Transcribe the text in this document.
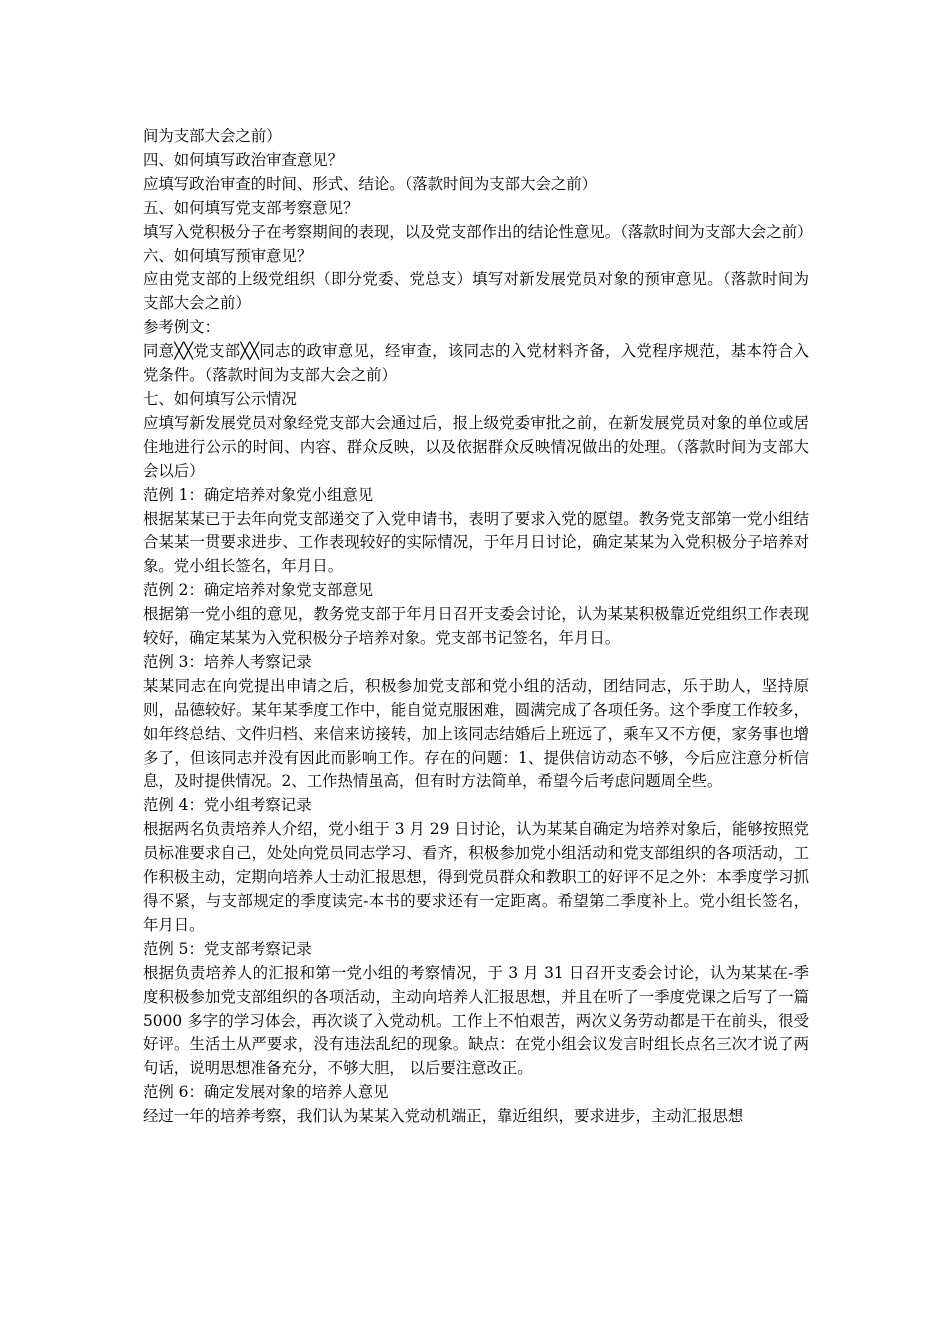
间为支部大会之前）

四、如何填写政治审查意见？

应填写政治审查的时间、形式、结论。（落款时间为支部大会之前）

五、如何填写党支部考察意见？

填写入党积极分子在考察期间的表现，以及党支部作出的结论性意见。（落款时间为支部大会之前）

六、如何填写预审意见？

应由党支部的上级党组织（即分党委、党总支）填写对新发展党员对象的预审意见。（落款时间为支部大会之前）

参考例文：

同意╳╳党支部╳╳同志的政审意见，经审查，该同志的入党材料齐备，入党程序规范，基本符合入党条件。（落款时间为支部大会之前）

七、如何填写公示情况

应填写新发展党员对象经党支部大会通过后，报上级党委审批之前，在新发展党员对象的单位或居住地进行公示的时间、内容、群众反映，以及依据群众反映情况做出的处理。（落款时间为支部大会以后）

范例 1：确定培养对象党小组意见

根据某某已于去年向党支部递交了入党申请书，表明了要求入党的愿望。教务党支部第一党小组结合某某一贯要求进步、工作表现较好的实际情况，于年月日讨论，确定某某为入党积极分子培养对象。党小组长签名，年月日。

范例 2：确定培养对象党支部意见

根据第一党小组的意见，教务党支部于年月日召开支委会讨论，认为某某积极靠近党组织工作表现较好，确定某某为入党积极分子培养对象。党支部书记签名，年月日。

范例 3：培养人考察记录

某某同志在向党提出申请之后，积极参加党支部和党小组的活动，团结同志，乐于助人，坚持原则，品德较好。某年某季度工作中，能自觉克服困难，圆满完成了各项任务。这个季度工作较多，如年终总结、文件归档、来信来访接转，加上该同志结婚后上班远了，乘车又不方便，家务事也增多了，但该同志并没有因此而影响工作。存在的问题：1、提供信访动态不够，今后应注意分析信息，及时提供情况。2、工作热情虽高，但有时方法简单，希望今后考虑问题周全些。

范例 4：党小组考察记录

根据两名负责培养人介绍，党小组于 3 月 29 日讨论，认为某某自确定为培养对象后，能够按照党员标准要求自己，处处向党员同志学习、看齐，积极参加党小组活动和党支部组织的各项活动，工作积极主动，定期向培养人士动汇报思想，得到党员群众和教职工的好评不足之外：本季度学习抓得不紧，与支部规定的季度读完-本书的要求还有一定距离。希望第二季度补上。党小组长签名，年月日。

范例 5：党支部考察记录

根据负责培养人的汇报和第一党小组的考察情况，于 3 月 31 日召开支委会讨论，认为某某在-季度积极参加党支部组织的各项活动，主动向培养人汇报思想，并且在听了一季度党课之后写了一篇 5000 多字的学习体会，再次谈了入党动机。工作上不怕艰苦，两次义务劳动都是干在前头，很受好评。生活土从严要求，没有违法乱纪的现象。缺点：在党小组会议发言时组长点名三次才说了两句话，说明思想准备充分，不够大胆， 以后要注意改正。

范例 6：确定发展对象的培养人意见

经过一年的培养考察，我们认为某某入党动机端正，靠近组织，要求进步，主动汇报思想
